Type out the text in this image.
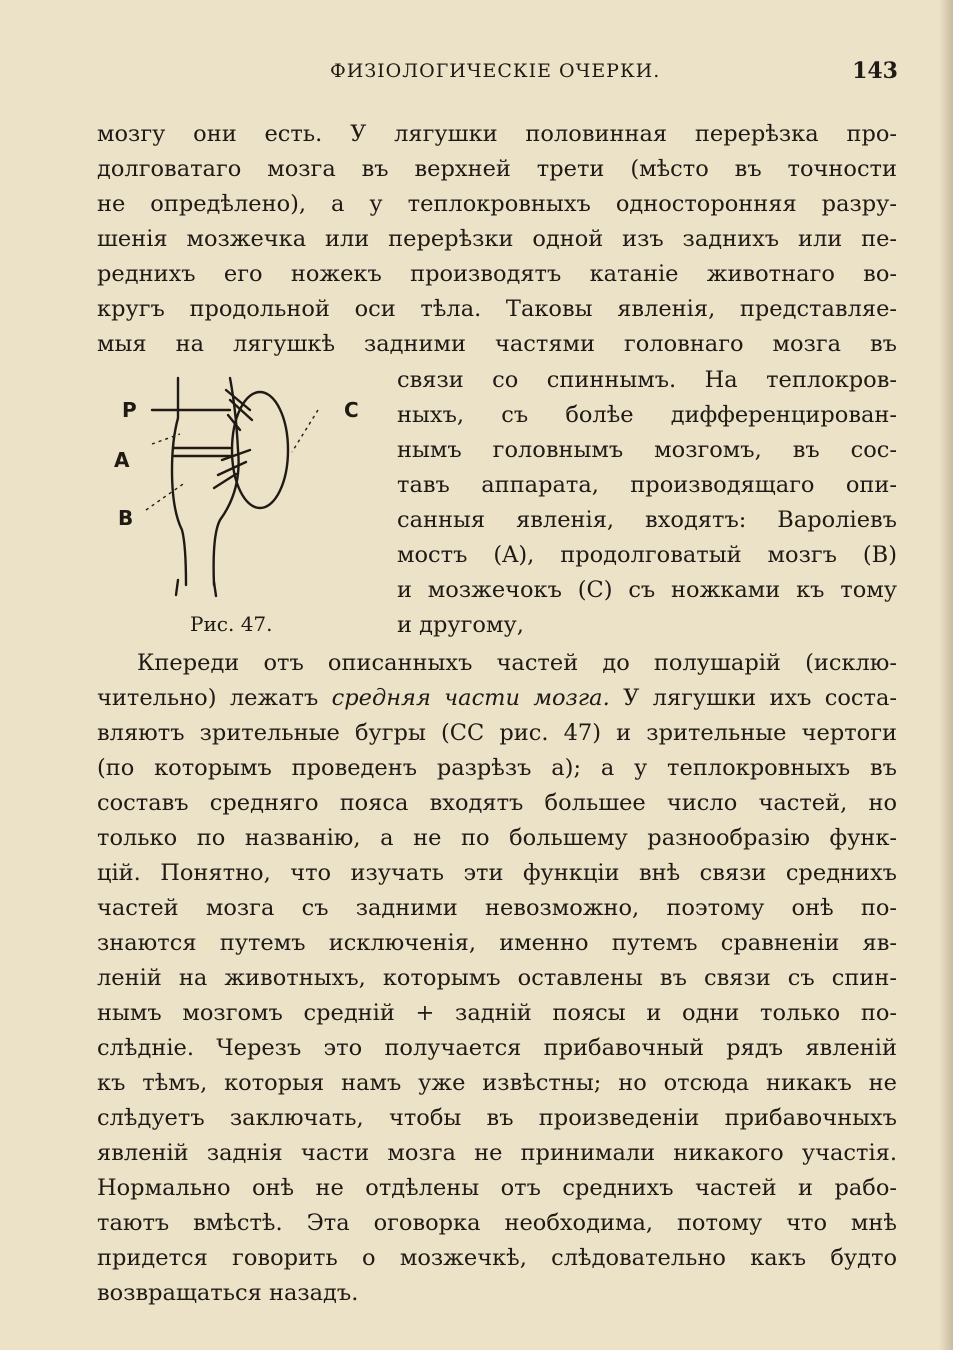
ФИЗІОЛОГИЧЕСКІЕ ОЧЕРКИ.	143
мозгу они есть. У лягушки половинная перерѣзка про-
долговатаго мозга въ верхней трети (мѣсто въ точности
не опредѣлено), а у теплокровныхъ односторонняя разру-
шенія мозжечка или перерѣзки одной изъ заднихъ или пе-
реднихъ его ножекъ производятъ катаніе животнаго во-
кругъ продольной оси тѣла. Таковы явленія, представляе-
мыя на лягушкѣ задними частями головнаго мозга въ
связи со спиннымъ. На теплокров-
ныхъ, съ болѣе дифференцирован-
нымъ головнымъ мозгомъ, въ сос-
тавъ аппарата, производящаго опи-
санныя явленія, входятъ: Вароліевъ
мостъ (A), продолговатый мозгъ (B)
и мозжечокъ (C) съ ножками къ тому
и другому,
P
A
B
C
Рис. 47.
Кпереди отъ описанныхъ частей до полушарій (исклю-
чительно) лежатъ средняя части мозга. У лягушки ихъ соста-
вляютъ зрительные бугры (CC рис. 47) и зрительные чертоги
(по которымъ проведенъ разрѣзъ a); а у теплокровныхъ въ
составъ средняго пояса входятъ большее число частей, но
только по названію, а не по большему разнообразію функ-
цій. Понятно, что изучать эти функціи внѣ связи среднихъ
частей мозга съ задними невозможно, поэтому онѣ по-
знаются путемъ исключенія, именно путемъ сравненіи яв-
леній на животныхъ, которымъ оставлены въ связи съ спин-
нымъ мозгомъ средній + задній поясы и одни только по-
слѣдніе. Черезъ это получается прибавочный рядъ явленій
къ тѣмъ, которыя намъ уже извѣстны; но отсюда никакъ не
слѣдуетъ заключать, чтобы въ произведеніи прибавочныхъ
явленій заднія части мозга не принимали никакого участія.
Нормально онѣ не отдѣлены отъ среднихъ частей и рабо-
таютъ вмѣстѣ. Эта оговорка необходима, потому что мнѣ
придется говорить о мозжечкѣ, слѣдовательно какъ будто
возвращаться назадъ.
